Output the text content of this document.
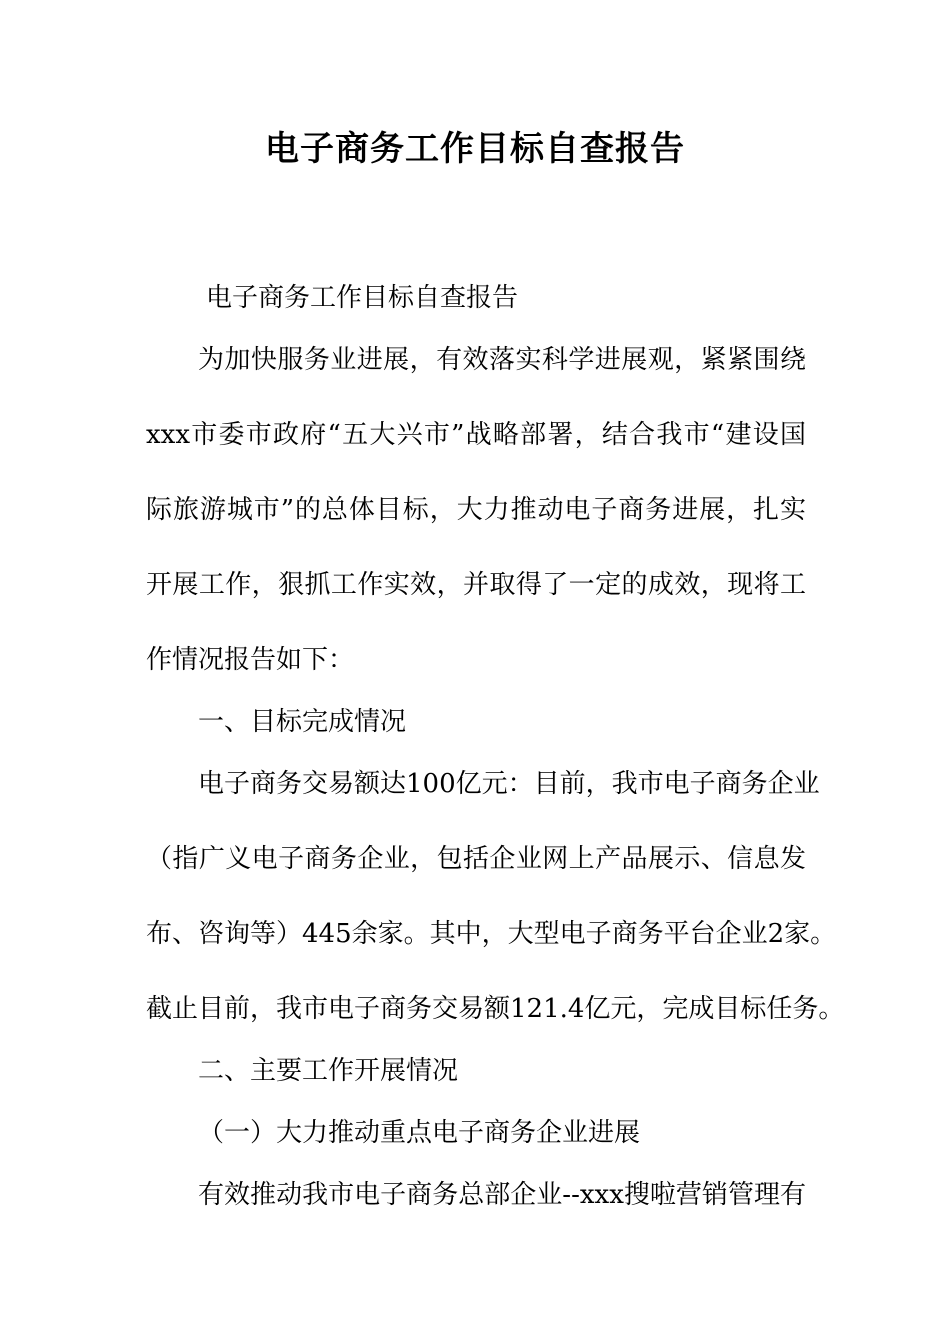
电子商务工作目标自查报告
电子商务工作目标自查报告
为加快服务业进展，有效落实科学进展观，紧紧围绕
xxx市委市政府“五大兴市”战略部署，结合我市“建设国
际旅游城市”的总体目标，大力推动电子商务进展，扎实
开展工作，狠抓工作实效，并取得了一定的成效，现将工
作情况报告如下：
一、目标完成情况
电子商务交易额达100亿元：目前，我市电子商务企业
（指广义电子商务企业，包括企业网上产品展示、信息发
布、咨询等）445余家。其中，大型电子商务平台企业2家。
截止目前，我市电子商务交易额121.4亿元，完成目标任务。
二、主要工作开展情况
（一）大力推动重点电子商务企业进展
有效推动我市电子商务总部企业--xxx搜啦营销管理有
